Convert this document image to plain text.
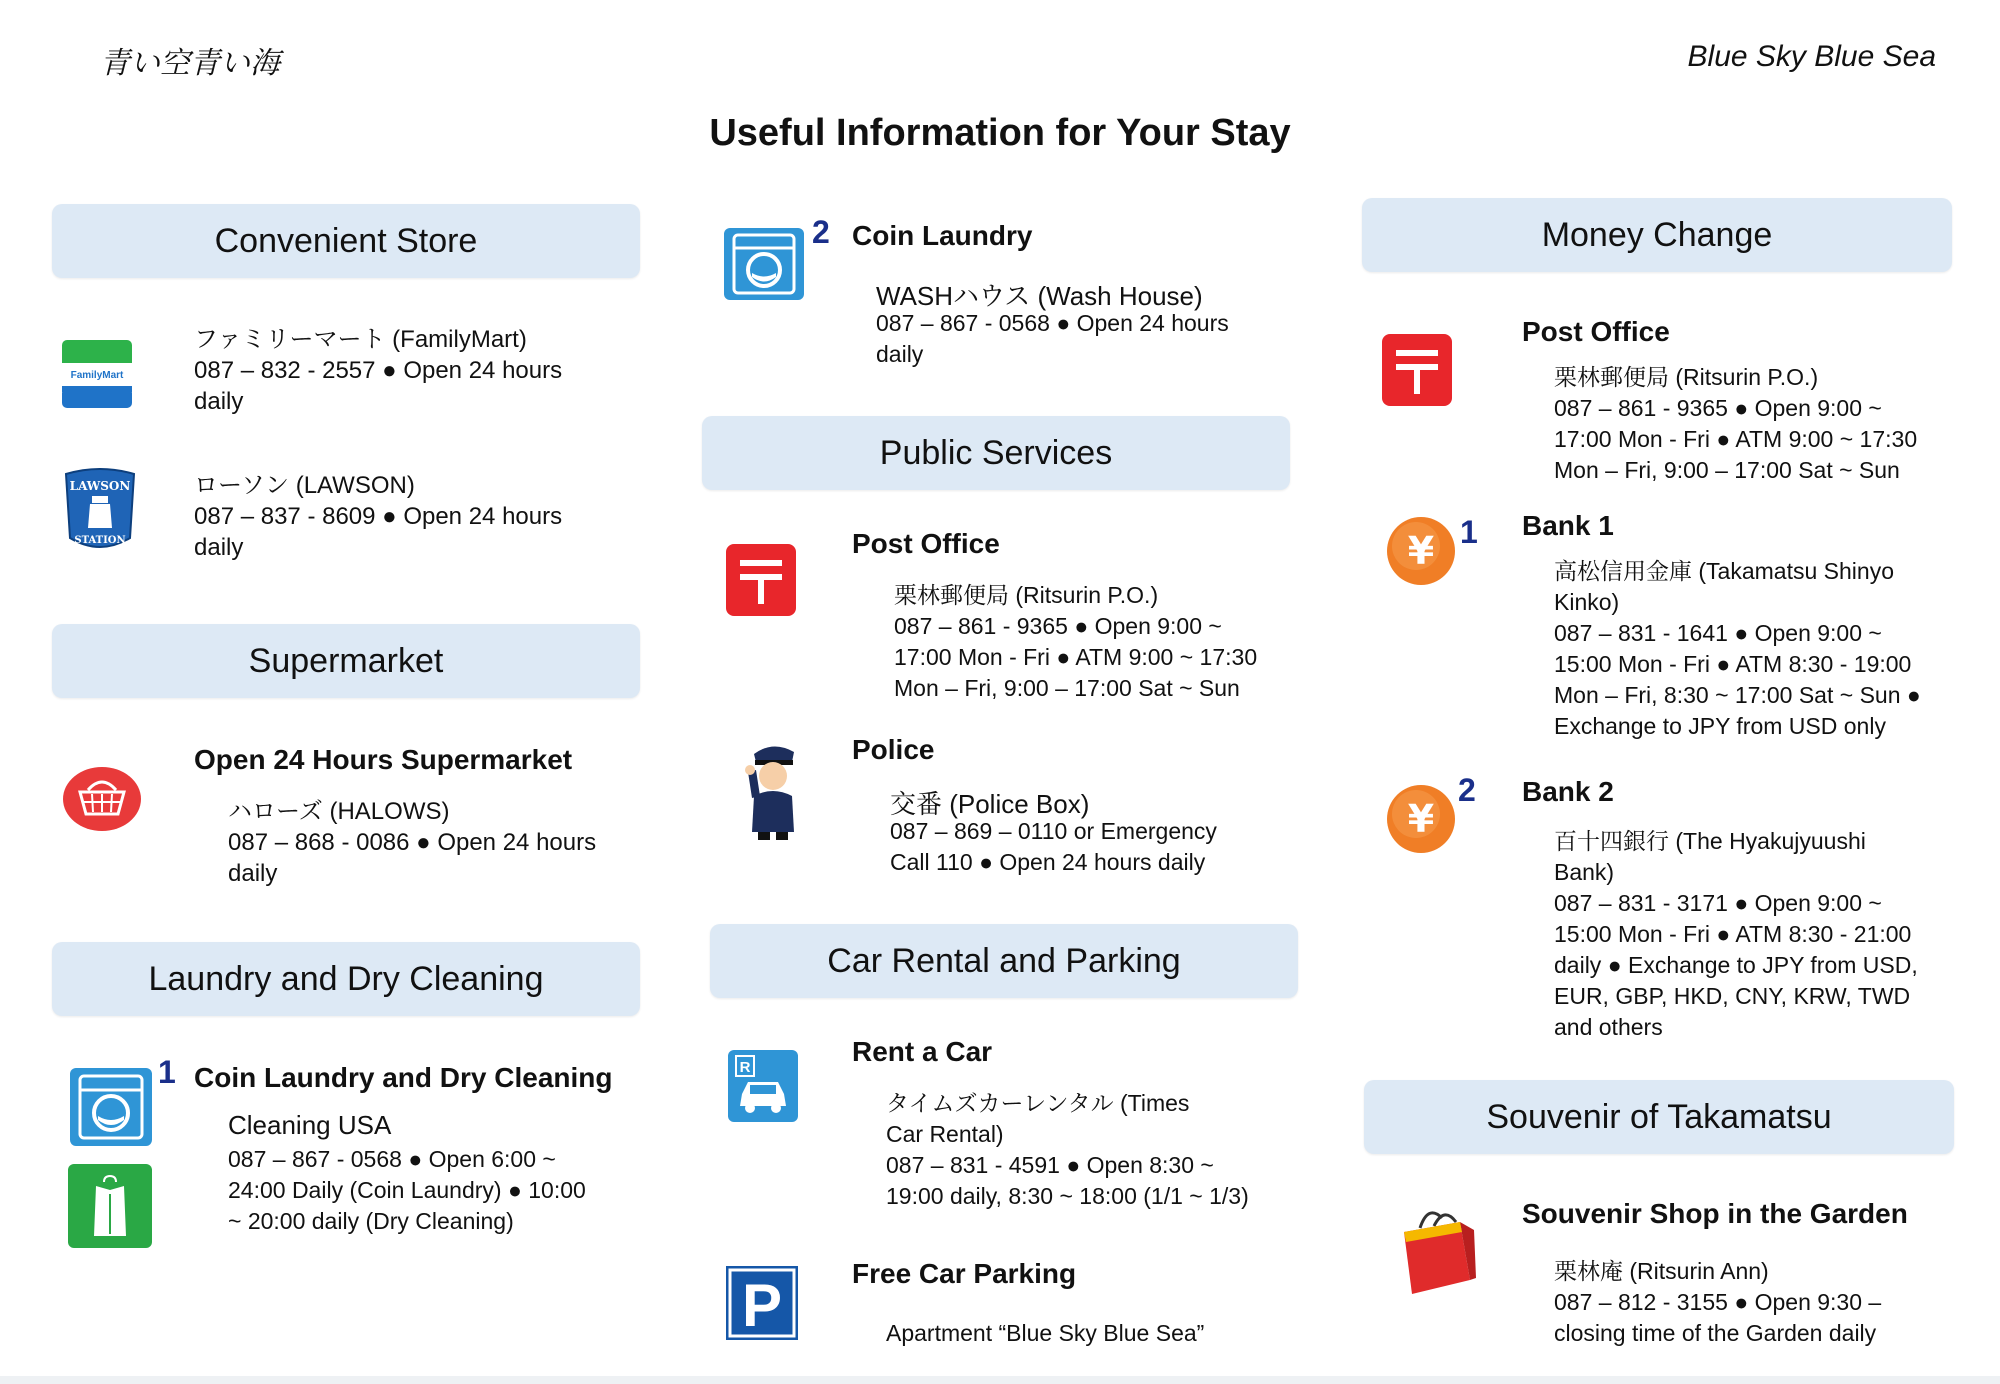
青い空青い海	Blue Sky Blue Sea
Useful Information for Your Stay
Convenient Store
FamilyMart

ファミリーマート (FamilyMart)

087 – 832 - 2557 ● Open 24 hours

daily

LAWSON
STATION

ローソン (LAWSON)

087 – 837 - 8609 ● Open 24 hours

daily

Supermarket
Open 24 Hours Supermarket

ハローズ (HALOWS)

087 – 868 - 0086 ● Open 24 hours

daily

Laundry and Dry Cleaning
1 Coin Laundry and Dry Cleaning
Cleaning USA

087 – 867 - 0568 ● Open 6:00 ~

24:00 Daily (Coin Laundry) ● 10:00

~ 20:00 daily (Dry Cleaning)

2 Coin Laundry
WASHハウス (Wash House)

087 – 867 - 0568 ● Open 24 hours

daily

Public Services
Post Office

栗林郵便局 (Ritsurin P.O.)

087 – 861 - 9365 ● Open 9:00 ~

17:00 Mon - Fri ● ATM 9:00 ~ 17:30

Mon – Fri, 9:00 – 17:00 Sat ~ Sun

Police
交番 (Police Box)

087 – 869 – 0110 or Emergency

Call 110 ● Open 24 hours daily

Car Rental and Parking
R
Rent a Car

タイムズカーレンタル (Times

Car Rental)

087 – 831 - 4591 ● Open 8:30 ~

19:00 daily, 8:30 ~ 18:00 (1/1 ~ 1/3)

P Free Car Parking
Apartment “Blue Sky Blue Sea”
Money Change
Post Office

栗林郵便局 (Ritsurin P.O.)

087 – 861 - 9365 ● Open 9:00 ~

17:00 Mon - Fri ● ATM 9:00 ~ 17:30

Mon – Fri, 9:00 – 17:00 Sat ~ Sun

¥ 1 Bank 1

高松信用金庫 (Takamatsu Shinyo

Kinko)

087 – 831 - 1641 ● Open 9:00 ~

15:00 Mon - Fri ● ATM 8:30 - 19:00

Mon – Fri, 8:30 ~ 17:00 Sat ~ Sun ●

Exchange to JPY from USD only

¥
2 Bank 2

百十四銀行 (The Hyakujyuushi

Bank)

087 – 831 - 3171 ● Open 9:00 ~

15:00 Mon - Fri ● ATM 8:30 - 21:00

daily ● Exchange to JPY from USD,

EUR, GBP, HKD, CNY, KRW, TWD

and others

Souvenir of Takamatsu
Souvenir Shop in the Garden

栗林庵 (Ritsurin Ann)

087 – 812 - 3155 ● Open 9:30 –

closing time of the Garden daily
